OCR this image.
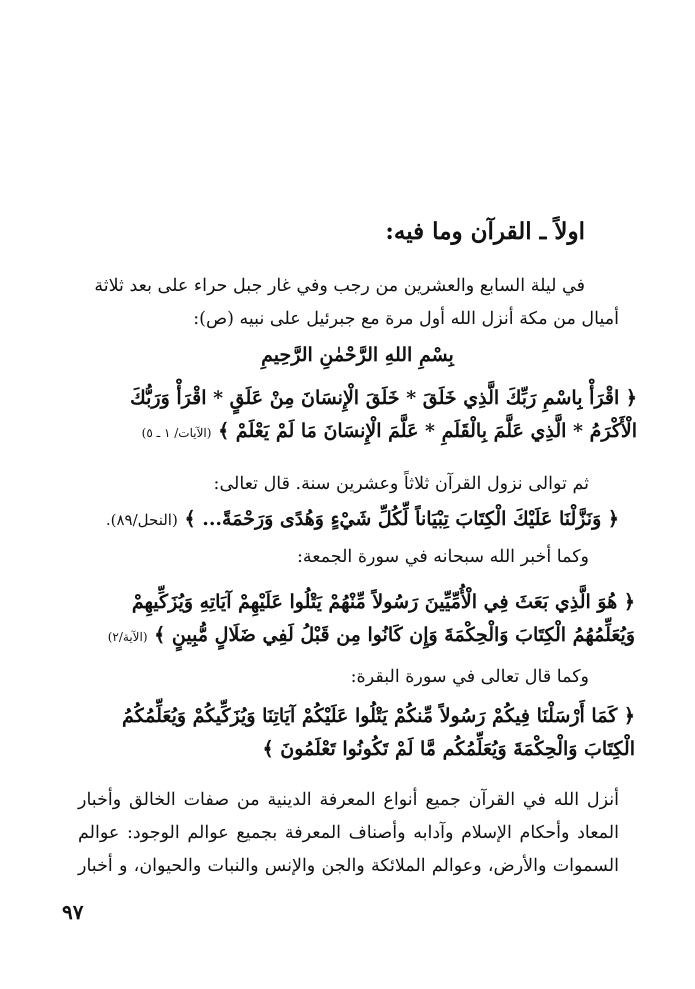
اولاً ـ القرآن وما فيه:
في ليلة السابع والعشرين من رجب وفي غار جبل حراء على بعد ثلاثة
أميال من مكة أنزل الله أول مرة مع جبرئيل على نبيه (ص):
بِسْمِ اللهِ الرَّحْمٰنِ الرَّحِيمِ
﴿ اقْرَأْ بِاسْمِ رَبِّكَ الَّذِي خَلَقَ * خَلَقَ الْإِنسَانَ مِنْ عَلَقٍ * اقْرَأْ وَرَبُّكَ
الْأَكْرَمُ * الَّذِي عَلَّمَ بِالْقَلَمِ * عَلَّمَ الْإِنسَانَ مَا لَمْ يَعْلَمْ ﴾ (الآيات/ ١ ـ ٥)
ثم توالى نزول القرآن ثلاثاً وعشرين سنة. قال تعالى:
﴿ وَنَزَّلْنَا عَلَيْكَ الْكِتَابَ تِبْيَاناً لِّكُلِّ شَيْءٍ وَهُدًى وَرَحْمَةً... ﴾ (النحل/٨٩).
وكما أخبر الله سبحانه في سورة الجمعة:
﴿ هُوَ الَّذِي بَعَثَ فِي الْأُمِّيِّينَ رَسُولاً مِّنْهُمْ يَتْلُوا عَلَيْهِمْ آيَاتِهِ وَيُزَكِّيهِمْ
وَيُعَلِّمُهُمُ الْكِتَابَ وَالْحِكْمَةَ وَإِن كَانُوا مِن قَبْلُ لَفِي ضَلَالٍ مُّبِينٍ ﴾ (الآية/٢)
وكما قال تعالى في سورة البقرة:
﴿ كَمَا أَرْسَلْنَا فِيكُمْ رَسُولاً مِّنكُمْ يَتْلُوا عَلَيْكُمْ آيَاتِنَا وَيُزَكِّيكُمْ وَيُعَلِّمُكُمُ
الْكِتَابَ وَالْحِكْمَةَ وَيُعَلِّمُكُم مَّا لَمْ تَكُونُوا تَعْلَمُونَ ﴾
أنزل الله في القرآن جميع أنواع المعرفة الدينية من صفات الخالق وأخبار
المعاد وأحكام الإسلام وآدابه وأصناف المعرفة بجميع عوالم الوجود: عوالم
السموات والأرض، وعوالم الملائكة والجن والإنس والنبات والحيوان، و أخبار
٩٧
